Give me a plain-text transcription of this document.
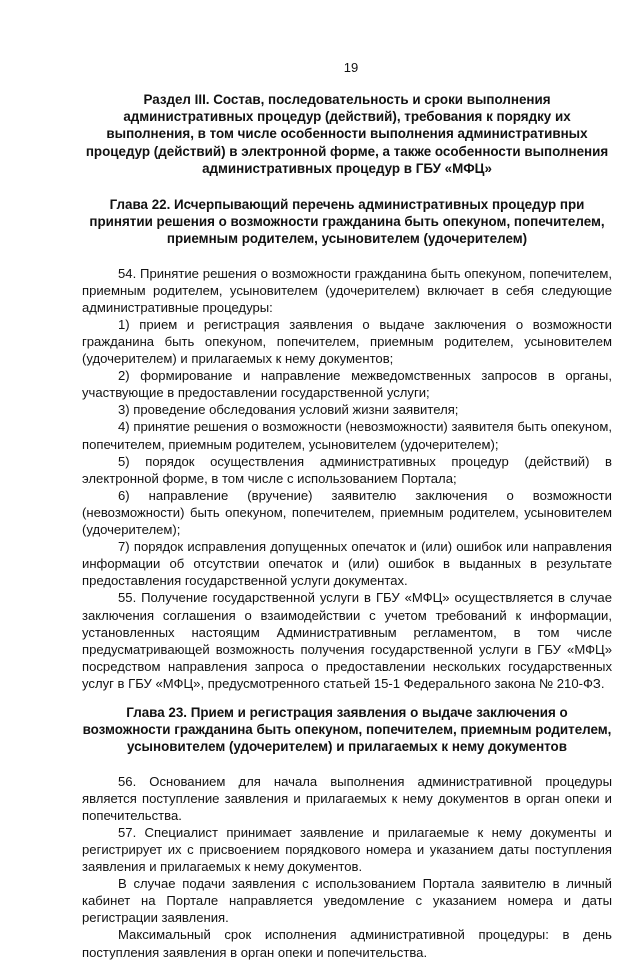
19

Раздел III. Состав, последовательность и сроки выполнения административных процедур (действий), требования к порядку их выполнения, в том числе особенности выполнения административных процедур (действий) в электронной форме, а также особенности выполнения административных процедур в ГБУ «МФЦ»

Глава 22. Исчерпывающий перечень административных процедур при принятии решения о возможности гражданина быть опекуном, попечителем, приемным родителем, усыновителем (удочерителем)

54. Принятие решения о возможности гражданина быть опекуном, попечителем, приемным родителем, усыновителем (удочерителем) включает в себя следующие административные процедуры:

1) прием и регистрация заявления о выдаче заключения о возможности гражданина быть опекуном, попечителем, приемным родителем, усыновителем (удочерителем) и прилагаемых к нему документов;

2) формирование и направление межведомственных запросов в органы, участвующие в предоставлении государственной услуги;

3) проведение обследования условий жизни заявителя;

4) принятие решения о возможности (невозможности) заявителя быть опекуном, попечителем, приемным родителем, усыновителем (удочерителем);

5) порядок осуществления административных процедур (действий) в электронной форме, в том числе с использованием Портала;

6) направление (вручение) заявителю заключения о возможности (невозможности) быть опекуном, попечителем, приемным родителем, усыновителем (удочерителем);

7) порядок исправления допущенных опечаток и (или) ошибок или направления информации об отсутствии опечаток и (или) ошибок в выданных в результате предоставления государственной услуги документах.

55. Получение государственной услуги в ГБУ «МФЦ» осуществляется в случае заключения соглашения о взаимодействии с учетом требований к информации, установленных настоящим Административным регламентом, в том числе предусматривающей возможность получения государственной услуги в ГБУ «МФЦ» посредством направления запроса о предоставлении нескольких государственных услуг в ГБУ «МФЦ», предусмотренного статьей 15-1 Федерального закона № 210-ФЗ.

Глава 23. Прием и регистрация заявления о выдаче заключения о возможности гражданина быть опекуном, попечителем, приемным родителем, усыновителем (удочерителем) и прилагаемых к нему документов

56. Основанием для начала выполнения административной процедуры является поступление заявления и прилагаемых к нему документов в орган опеки и попечительства.

57. Специалист принимает заявление и прилагаемые к нему документы и регистрирует их с присвоением порядкового номера и указанием даты поступления заявления и прилагаемых к нему документов.

В случае подачи заявления с использованием Портала заявителю в личный кабинет на Портале направляется уведомление с указанием номера и даты регистрации заявления.

Максимальный срок исполнения административной процедуры: в день поступления заявления в орган опеки и попечительства.
